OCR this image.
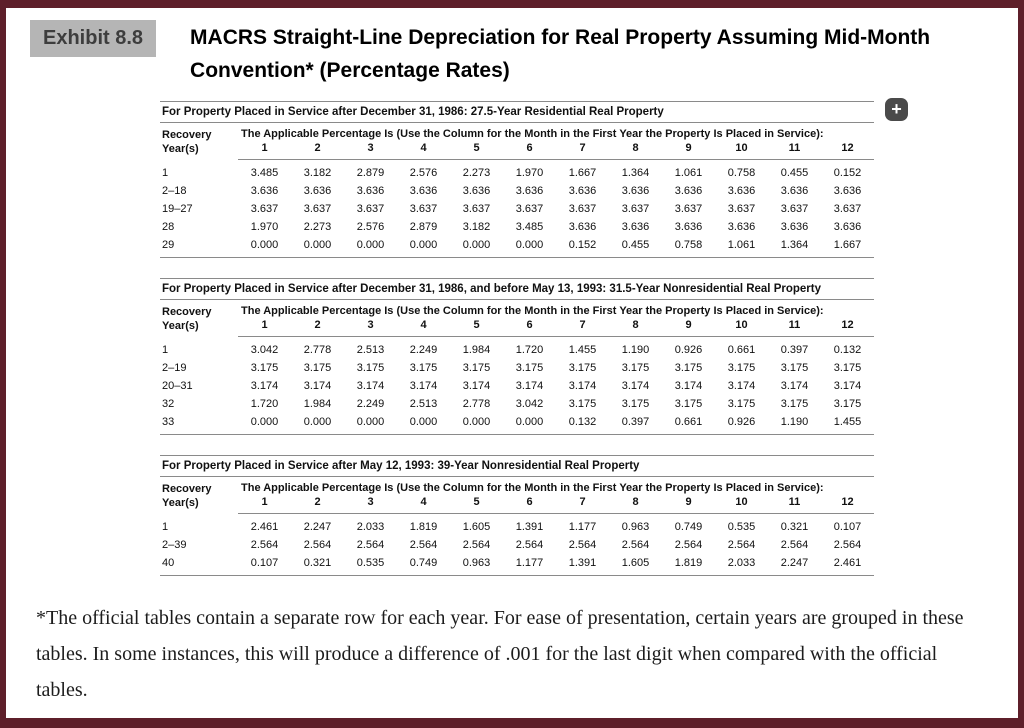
Exhibit 8.8	MACRS Straight-Line Depreciation for Real Property Assuming Mid-Month Convention* (Percentage Rates)
+
For Property Placed in Service after December 31, 1986: 27.5-Year Residential Real Property
Recovery
Year(s)	The Applicable Percentage Is (Use the Column for the Month in the First Year the Property Is Placed in Service):											
	1	2	3	4	5	6	7	8	9	10	11	12
1	3.485	3.182	2.879	2.576	2.273	1.970	1.667	1.364	1.061	0.758	0.455	0.152
2–18	3.636	3.636	3.636	3.636	3.636	3.636	3.636	3.636	3.636	3.636	3.636	3.636
19–27	3.637	3.637	3.637	3.637	3.637	3.637	3.637	3.637	3.637	3.637	3.637	3.637
28	1.970	2.273	2.576	2.879	3.182	3.485	3.636	3.636	3.636	3.636	3.636	3.636
29	0.000	0.000	0.000	0.000	0.000	0.000	0.152	0.455	0.758	1.061	1.364	1.667
For Property Placed in Service after December 31, 1986, and before May 13, 1993: 31.5-Year Nonresidential Real Property
Recovery
Year(s)	The Applicable Percentage Is (Use the Column for the Month in the First Year the Property Is Placed in Service):											
	1	2	3	4	5	6	7	8	9	10	11	12
1	3.042	2.778	2.513	2.249	1.984	1.720	1.455	1.190	0.926	0.661	0.397	0.132
2–19	3.175	3.175	3.175	3.175	3.175	3.175	3.175	3.175	3.175	3.175	3.175	3.175
20–31	3.174	3.174	3.174	3.174	3.174	3.174	3.174	3.174	3.174	3.174	3.174	3.174
32	1.720	1.984	2.249	2.513	2.778	3.042	3.175	3.175	3.175	3.175	3.175	3.175
33	0.000	0.000	0.000	0.000	0.000	0.000	0.132	0.397	0.661	0.926	1.190	1.455
For Property Placed in Service after May 12, 1993: 39-Year Nonresidential Real Property
Recovery
Year(s)	The Applicable Percentage Is (Use the Column for the Month in the First Year the Property Is Placed in Service):											
	1	2	3	4	5	6	7	8	9	10	11	12
1	2.461	2.247	2.033	1.819	1.605	1.391	1.177	0.963	0.749	0.535	0.321	0.107
2–39	2.564	2.564	2.564	2.564	2.564	2.564	2.564	2.564	2.564	2.564	2.564	2.564
40	0.107	0.321	0.535	0.749	0.963	1.177	1.391	1.605	1.819	2.033	2.247	2.461

*The official tables contain a separate row for each year. For ease of presentation, certain years are grouped in these tables. In some instances, this will produce a difference of .001 for the last digit when compared with the official tables.
